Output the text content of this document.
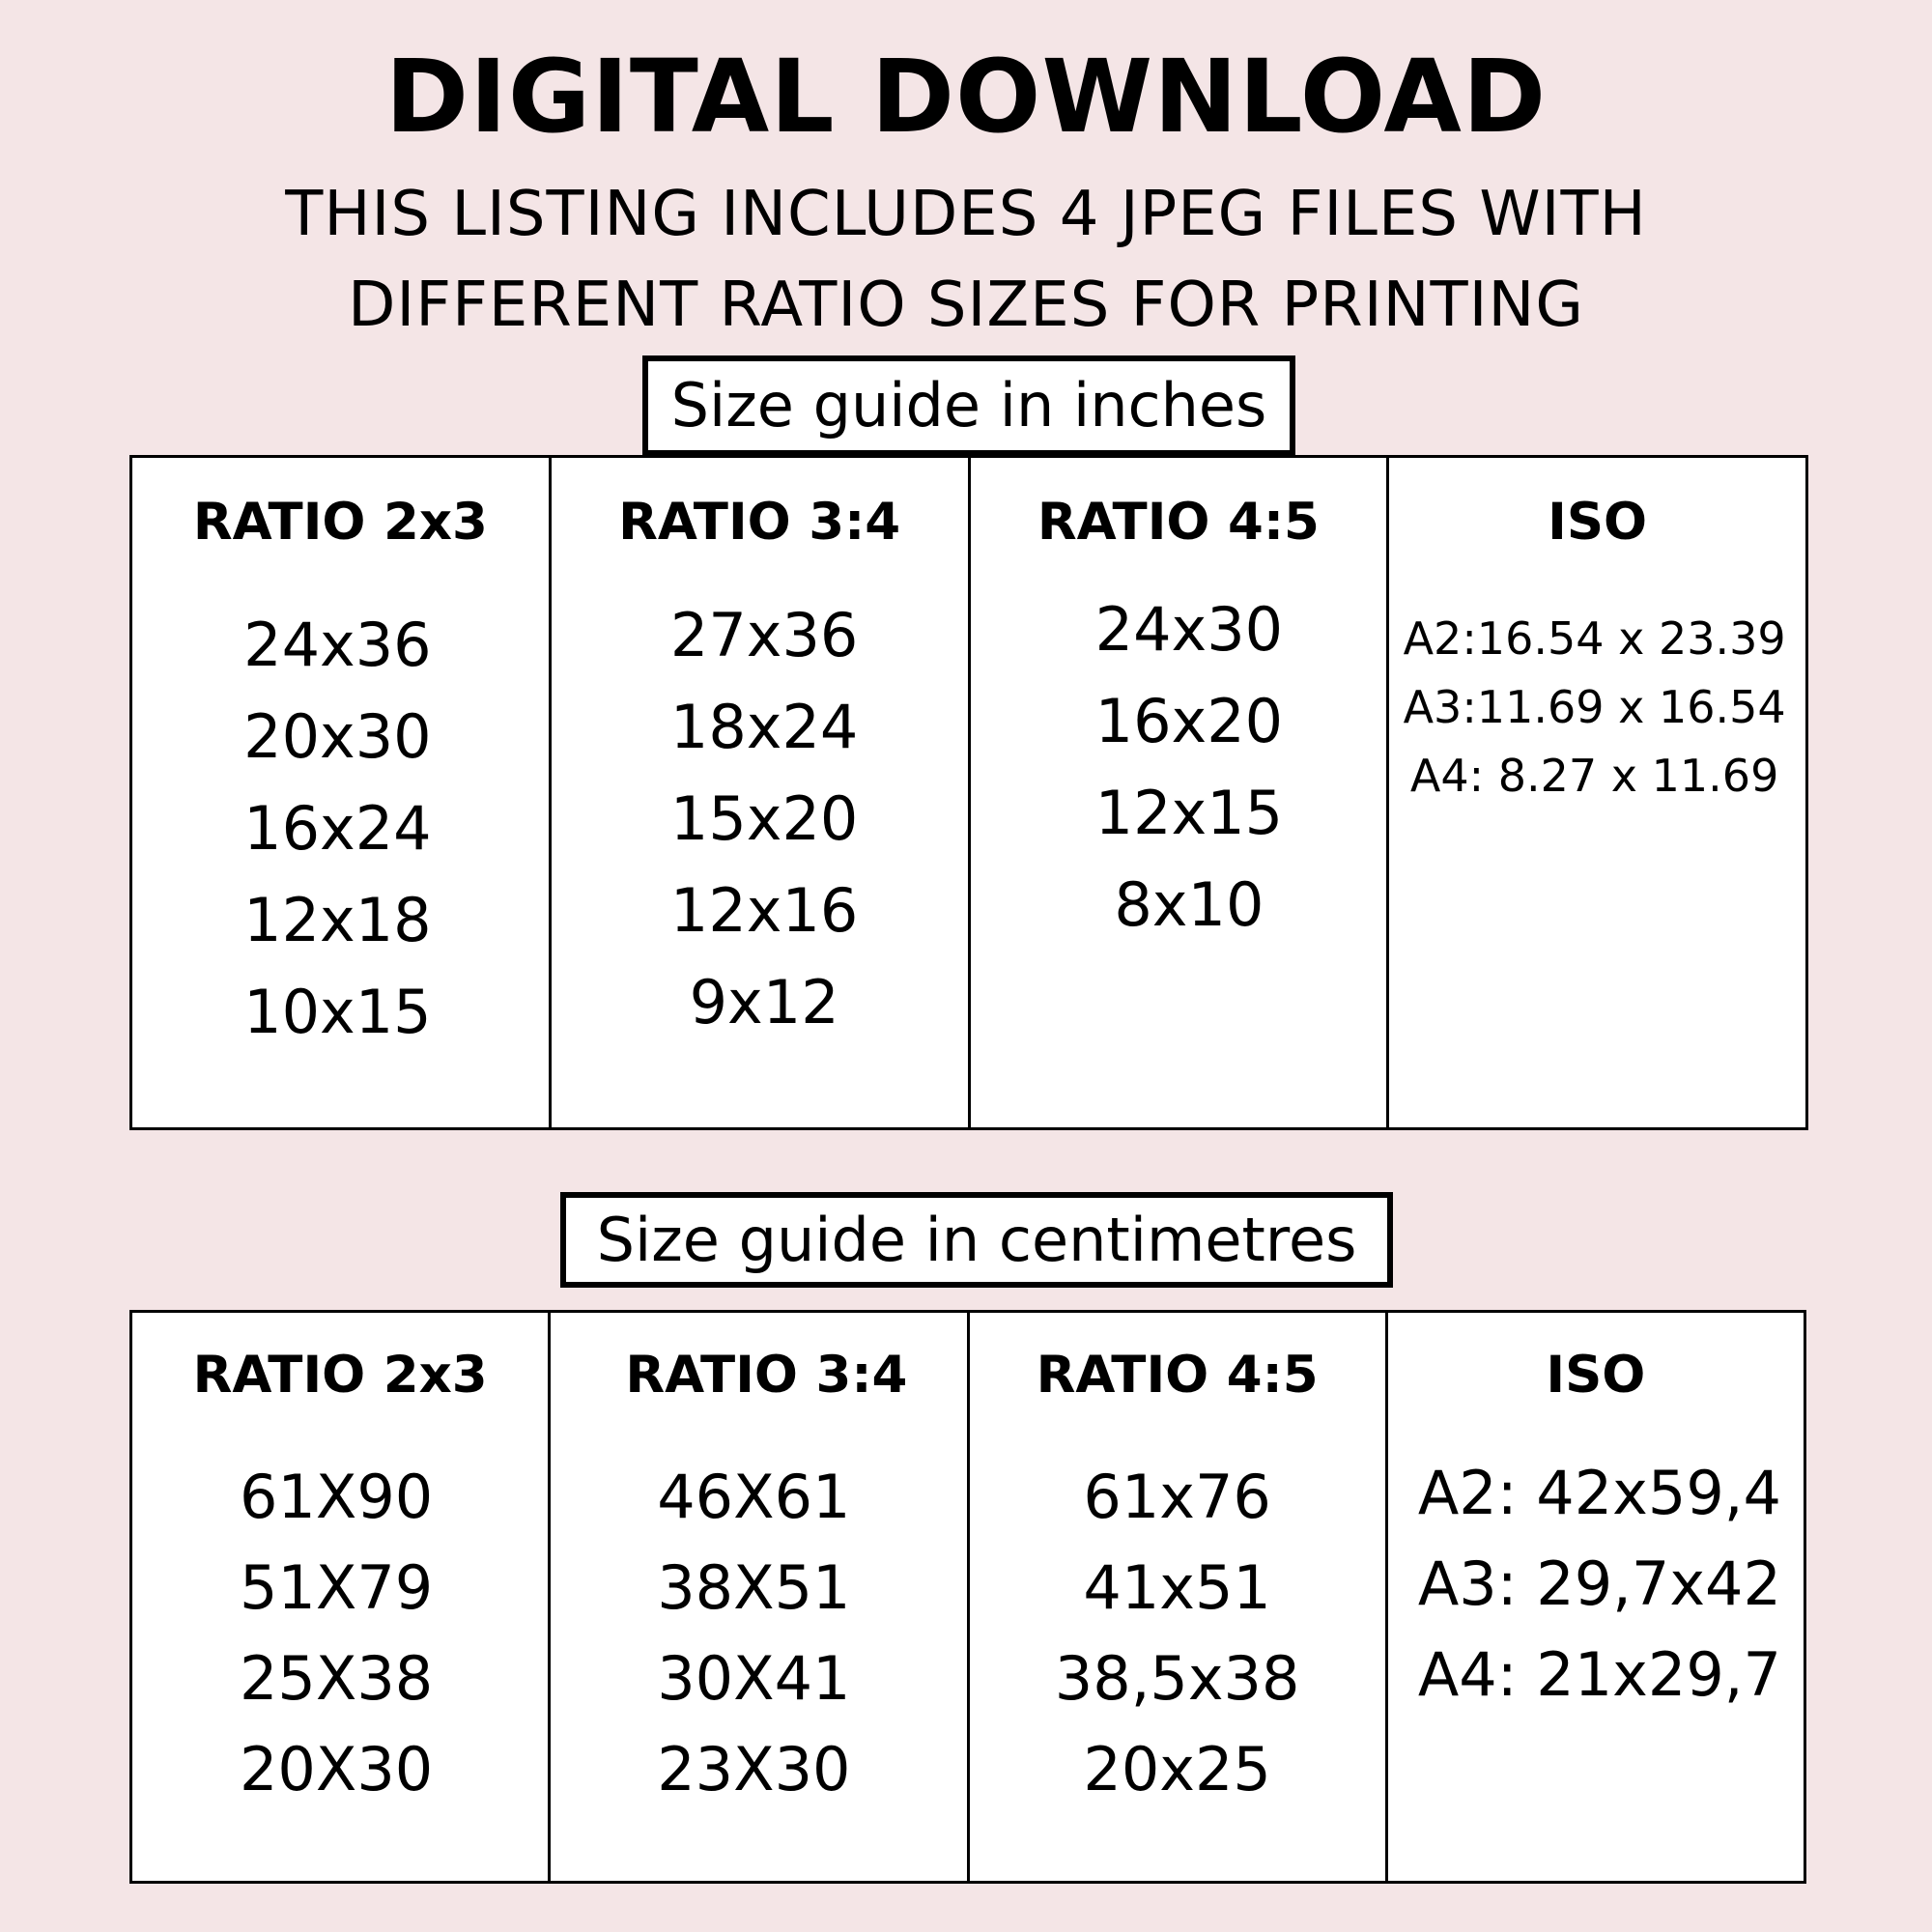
DIGITAL DOWNLOAD
THIS LISTING INCLUDES 4 JPEG FILES WITH
DIFFERENT RATIO SIZES FOR PRINTING
Size guide in inches
RATIO 2x3
24x36
20x30
16x24
12x18
10x15
RATIO 3:4
27x36
18x24
15x20
12x16
9x12
RATIO 4:5
24x30
16x20
12x15
8x10
ISO
A2:16.54 x 23.39
A3:11.69 x 16.54
A4: 8.27 x 11.69
Size guide in centimetres
RATIO 2x3
61X90
51X79
25X38
20X30
RATIO 3:4
46X61
38X51
30X41
23X30
RATIO 4:5
61x76
41x51
38,5x38
20x25
ISO
A2: 42x59,4
A3: 29,7x42
A4: 21x29,7
